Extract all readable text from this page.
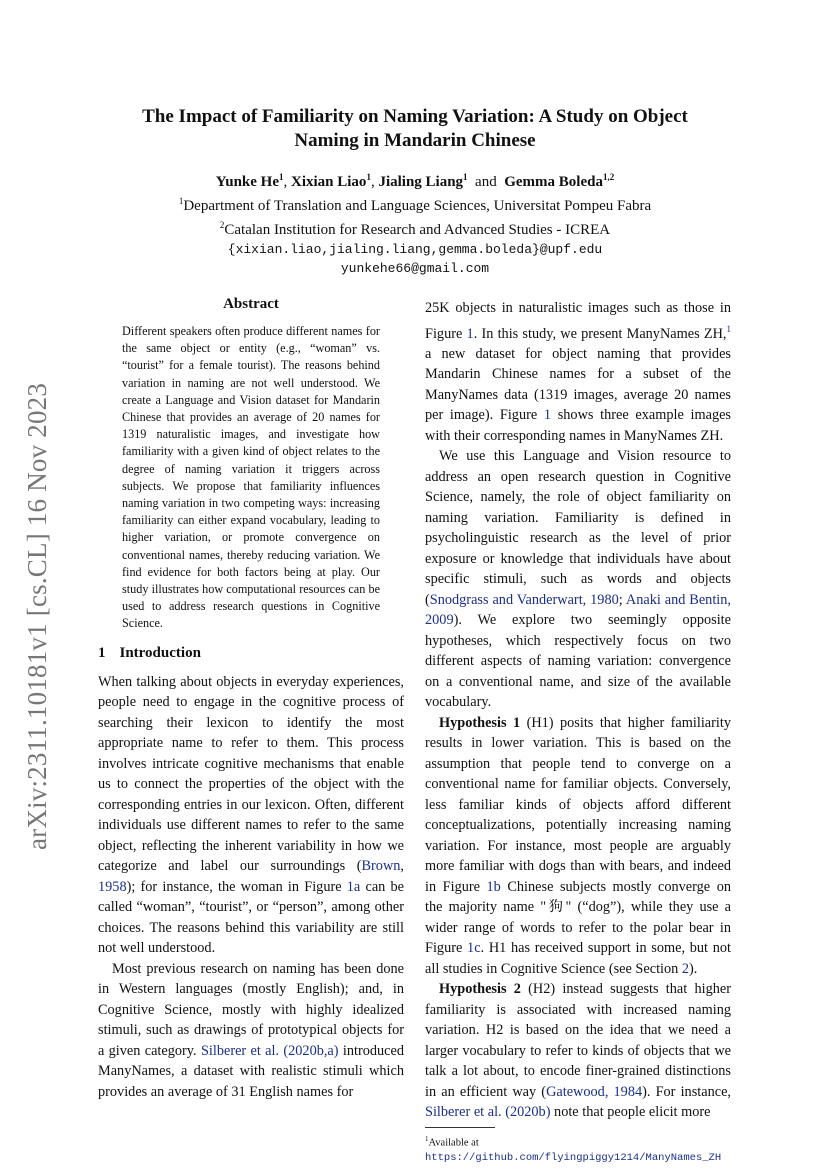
arXiv:2311.10181v1 [cs.CL] 16 Nov 2023
The Impact of Familiarity on Naming Variation: A Study on Object
Naming in Mandarin Chinese
Yunke He$^1$, Xixian Liao$^1$, Jialing Liang$^1$ and Gemma Boleda$^{1,2}$
$^1$Department of Translation and Language Sciences, Universitat Pompeu Fabra
$^2$Catalan Institution for Research and Advanced Studies - ICREA
{xixian.liao,jialing.liang,gemma.boleda}@upf.edu
yunkehe66@gmail.com
Abstract

Different speakers often produce different names for the same object or entity (e.g., “woman” vs. “tourist” for a female tourist). The reasons behind variation in naming are not well understood. We create a Language and Vision dataset for Mandarin Chinese that provides an average of 20 names for 1319 naturalistic images, and investigate how familiarity with a given kind of object relates to the degree of naming variation it triggers across subjects. We propose that familiarity influences naming variation in two competing ways: increasing familiarity can either expand vocabulary, leading to higher variation, or promote convergence on conventional names, thereby reducing variation. We find evidence for both factors being at play. Our study illustrates how computational resources can be used to address research questions in Cognitive Science.

1 Introduction

When talking about objects in everyday experiences, people need to engage in the cognitive process of searching their lexicon to identify the most appropriate name to refer to them. This process involves intricate cognitive mechanisms that enable us to connect the properties of the object with the corresponding entries in our lexicon. Often, different individuals use different names to refer to the same object, reflecting the inherent variability in how we categorize and label our surroundings (Brown, 1958); for instance, the woman in Figure 1a can be called “woman”, “tourist”, or “person”, among other choices. The reasons behind this variability are still not well understood.

Most previous research on naming has been done in Western languages (mostly English); and, in Cognitive Science, mostly with highly idealized stimuli, such as drawings of prototypical objects for a given category. Silberer et al. (2020b,a) introduced ManyNames, a dataset with realistic stimuli which provides an average of 31 English names for

25K objects in naturalistic images such as those in Figure 1. In this study, we present ManyNames ZH,$^1$ a new dataset for object naming that provides Mandarin Chinese names for a subset of the ManyNames data (1319 images, average 20 names per image). Figure 1 shows three example images with their corresponding names in ManyNames ZH.

We use this Language and Vision resource to address an open research question in Cognitive Science, namely, the role of object familiarity on naming variation. Familiarity is defined in psycholinguistic research as the level of prior exposure or knowledge that individuals have about specific stimuli, such as words and objects (Snodgrass and Vanderwart, 1980; Anaki and Bentin, 2009). We explore two seemingly opposite hypotheses, which respectively focus on two different aspects of naming variation: convergence on a conventional name, and size of the available vocabulary.

Hypothesis 1 (H1) posits that higher familiarity results in lower variation. This is based on the assumption that people tend to converge on a conventional name for familiar objects. Conversely, less familiar kinds of objects afford different conceptualizations, potentially increasing naming variation. For instance, most people are arguably more familiar with dogs than with bears, and indeed in Figure 1b Chinese subjects mostly converge on the majority name "狗" (“dog”), while they use a wider range of words to refer to the polar bear in Figure 1c. H1 has received support in some, but not all studies in Cognitive Science (see Section 2).

Hypothesis 2 (H2) instead suggests that higher familiarity is associated with increased naming variation. H2 is based on the idea that we need a larger vocabulary to refer to kinds of objects that we talk a lot about, to encode finer-grained distinctions in an efficient way (Gatewood, 1984). For instance, Silberer et al. (2020b) note that people elicit more

$^1$Available at https://github.com/flyingpiggy1214/ManyNames_ZH
